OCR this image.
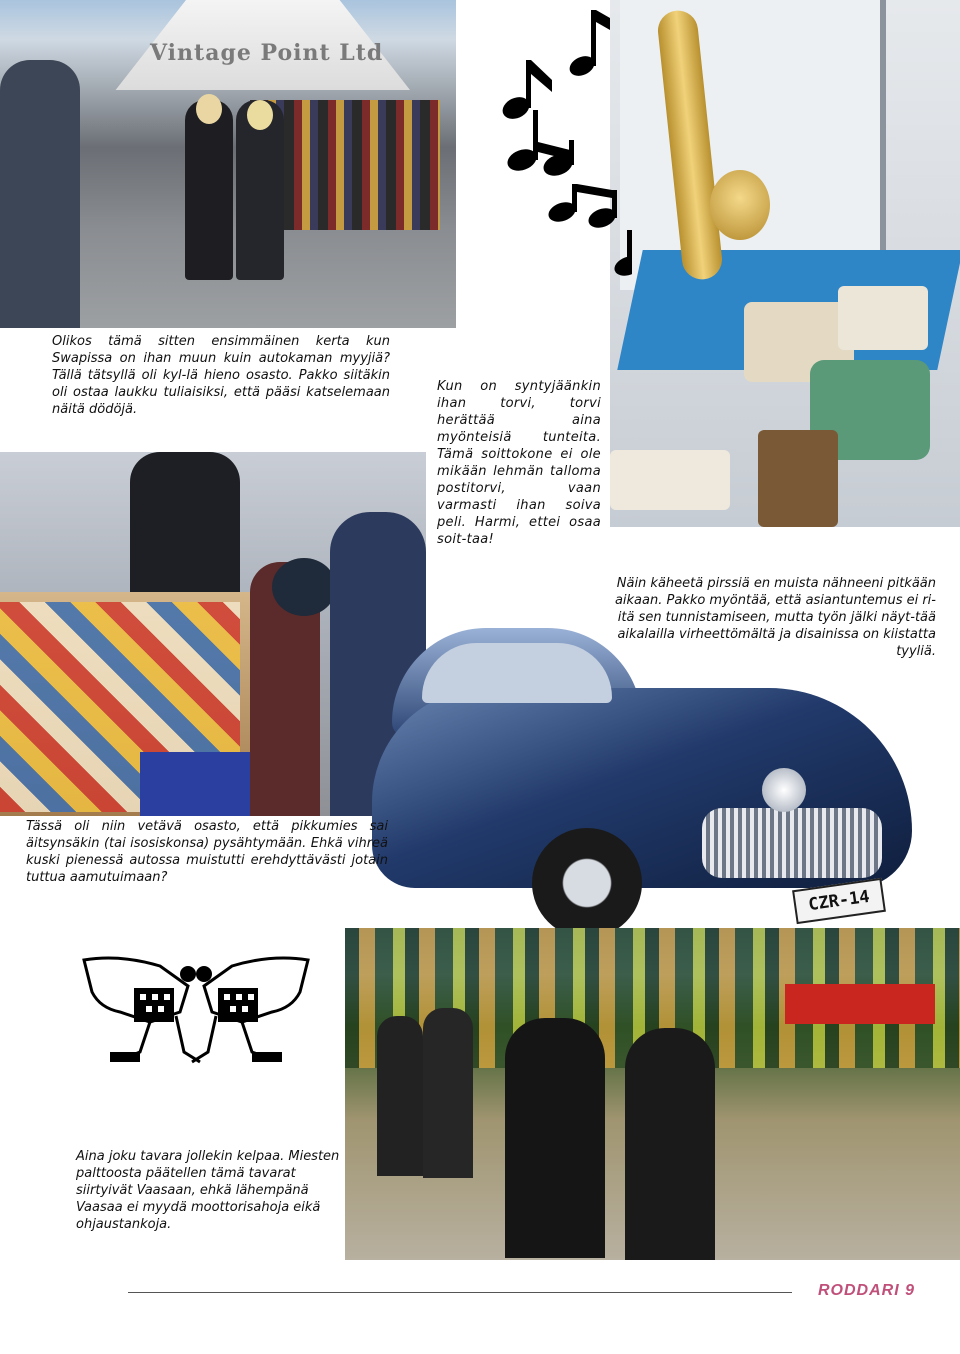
Vintage Point Ltd
CZR-14

Olikos tämä sitten ensimmäinen kerta kun Swapissa on ihan muun kuin autokaman myyjiä? Tällä tätsyllä oli kyl-lä hieno osasto. Pakko siitäkin oli ostaa laukku tuliaisiksi, että pääsi katselemaan näitä dödöjä.

Kun on syntyjäänkin ihan torvi, torvi herättää aina myönteisiä tunteita. Tämä soittokone ei ole mikään lehmän talloma postitorvi, vaan varmasti ihan soiva peli. Harmi, ettei osaa soit-taa!

Näin käheetä pirssiä en muista nähneeni pitkään aikaan. Pakko myöntää, että asiantuntemus ei ri-itä sen tunnistamiseen, mutta työn jälki näyt-tää aikalailla virheettömältä ja disainissa on kiistatta tyyliä.

Tässä oli niin vetävä osasto, että pikkumies sai äitsynsäkin (tai isosiskonsa) pysähtymään. Ehkä vihreä kuski pienessä autossa muistutti erehdyttävästi jotain tuttua aamutuimaan?

Aina joku tavara jollekin kelpaa. Miesten palttoosta päätellen tämä tavarat siirtyivät Vaasaan, ehkä lähempänä Vaasaa ei myydä moottorisahoja eikä ohjaustankoja.

RODDARI 9
